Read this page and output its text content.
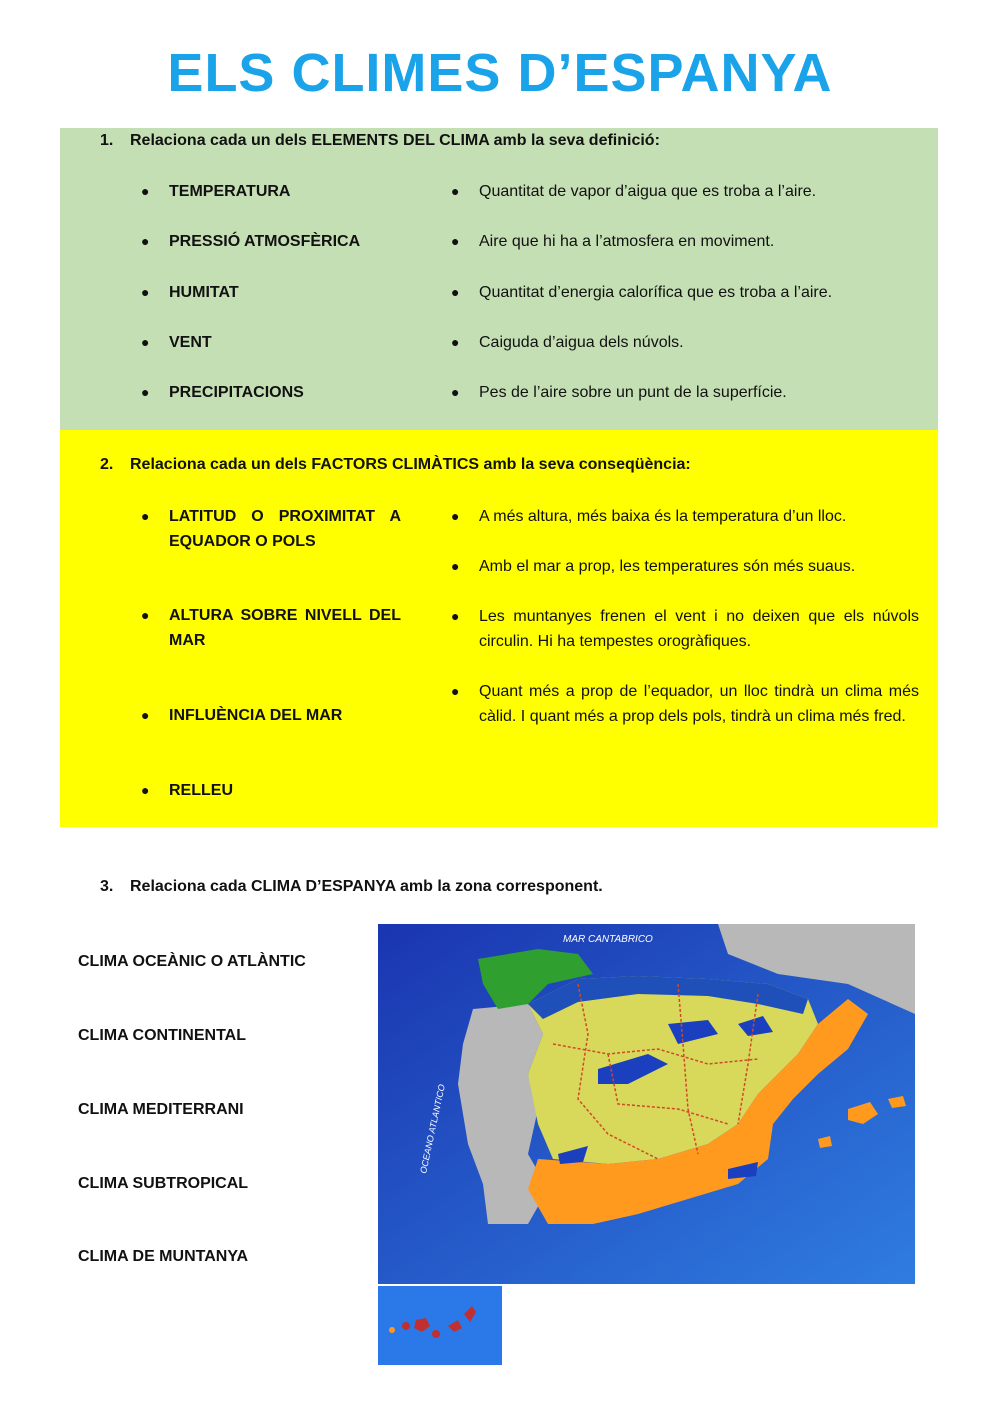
ELS CLIMES D’ESPANYA
1. Relaciona cada un dels ELEMENTS DEL CLIMA amb la seva definició:
● TEMPERATURA
● PRESSIÓ ATMOSFÈRICA
● HUMITAT
● VENT
● PRECIPITACIONS
● Quantitat de vapor d’aigua que es troba a l’aire.
● Aire que hi ha a l’atmosfera en moviment.
● Quantitat d’energia calorífica que es troba a l’aire.
● Caiguda d’aigua dels núvols.
● Pes de l’aire sobre un punt de la superfície.
2. Relaciona cada un dels FACTORS CLIMÀTICS amb la seva conseqüència:
● LATITUD O PROXIMITAT A EQUADOR O POLS
● ALTURA SOBRE NIVELL DEL MAR
● INFLUÈNCIA DEL MAR
● RELLEU
● A més altura, més baixa és la temperatura d’un lloc.
● Amb el mar a prop, les temperatures són més suaus.
● Les muntanyes frenen el vent i no deixen que els núvols circulin. Hi ha tempestes orogràfiques.
● Quant més a prop de l’equador, un lloc tindrà un clima més càlid. I quant més a prop dels pols, tindrà un clima més fred.
3. Relaciona cada CLIMA D’ESPANYA amb la zona corresponent.
CLIMA OCEÀNIC O ATLÀNTIC
CLIMA CONTINENTAL
CLIMA MEDITERRANI
CLIMA SUBTROPICAL
CLIMA DE MUNTANYA
MAR CANTABRICO
OCEANO ATLANTICO
